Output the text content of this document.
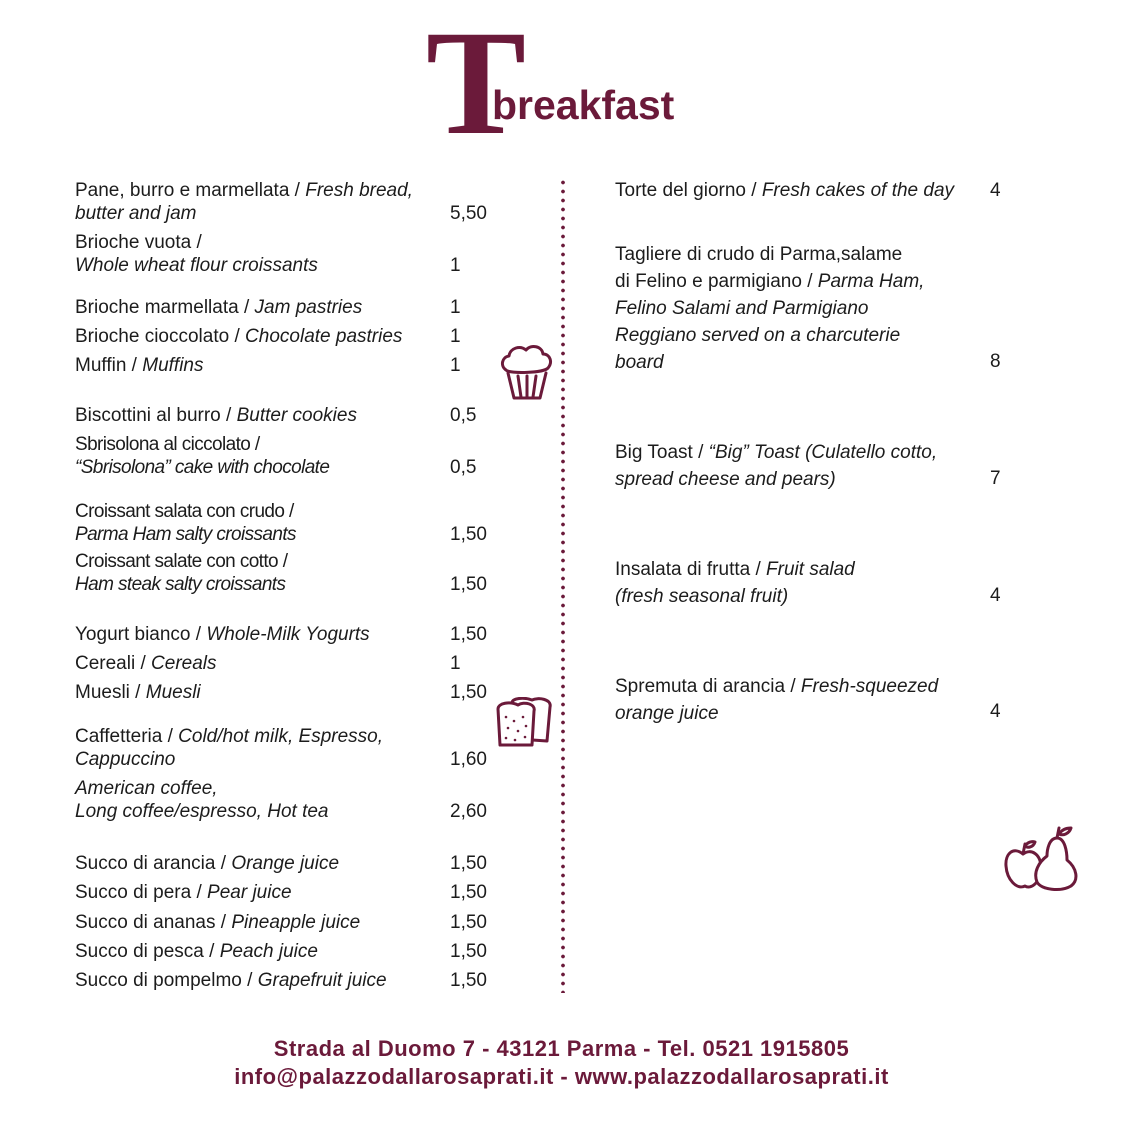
T
breakfast
Pane, burro e marmellata / Fresh bread,
butter and jam	5,50
Brioche vuota /
Whole wheat flour croissants	1
Brioche marmellata / Jam pastries	1
Brioche cioccolato / Chocolate pastries	1
Muffin / Muffins	1
Biscottini al burro / Butter cookies	0,5
Sbrisolona al ciccolato /
“Sbrisolona” cake with chocolate	0,5
Croissant salata con crudo /
Parma Ham salty croissants	1,50
Croissant salate con cotto /
Ham steak salty croissants	1,50
Yogurt bianco / Whole-Milk Yogurts	1,50
Cereali / Cereals	1
Muesli / Muesli	1,50
Caffetteria / Cold/hot milk, Espresso,
Cappuccino	1,60
American coffee,
Long coffee/espresso, Hot tea	2,60
Succo di arancia / Orange juice	1,50
Succo di pera / Pear juice	1,50
Succo di ananas / Pineapple juice	1,50
Succo di pesca / Peach juice	1,50
Succo di pompelmo / Grapefruit juice	1,50
Torte del giorno / Fresh cakes of the day 4
Tagliere di crudo di Parma,salame
di Felino e parmigiano / Parma Ham,
Felino Salami and Parmigiano
Reggiano served on a charcuterie
board	8
Big Toast / “Big” Toast (Culatello cotto,
spread cheese and pears)	7
Insalata di frutta / Fruit salad
(fresh seasonal fruit)	4
Spremuta di arancia / Fresh-squeezed
orange juice	4
Strada al Duomo 7 - 43121 Parma - Tel. 0521 1915805
info@palazzodallarosaprati.it - www.palazzodallarosaprati.it
